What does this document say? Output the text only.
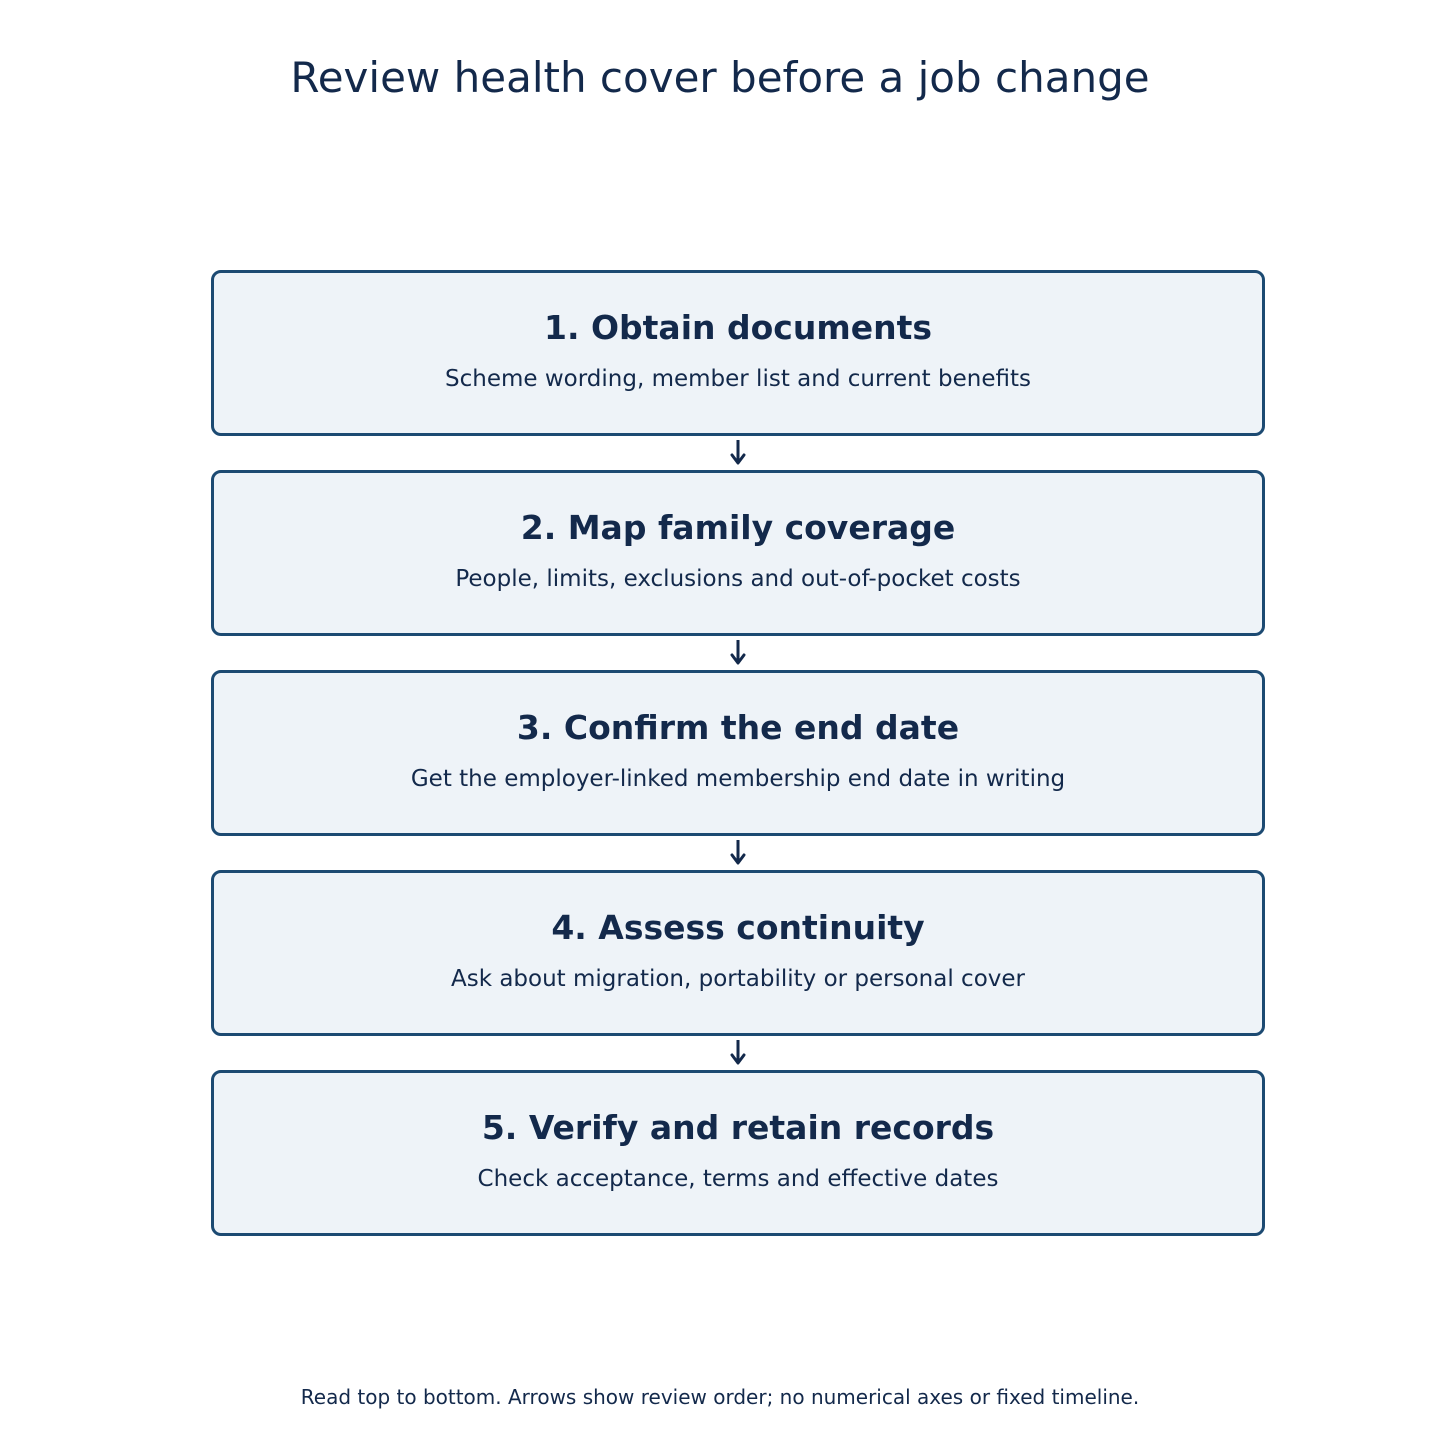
Review health cover before a job change
1. Obtain documents
Scheme wording, member list and current benefits
2. Map family coverage
People, limits, exclusions and out-of-pocket costs
3. Confirm the end date
Get the employer-linked membership end date in writing
4. Assess continuity
Ask about migration, portability or personal cover
5. Verify and retain records
Check acceptance, terms and effective dates
Read top to bottom. Arrows show review order; no numerical axes or fixed timeline.
